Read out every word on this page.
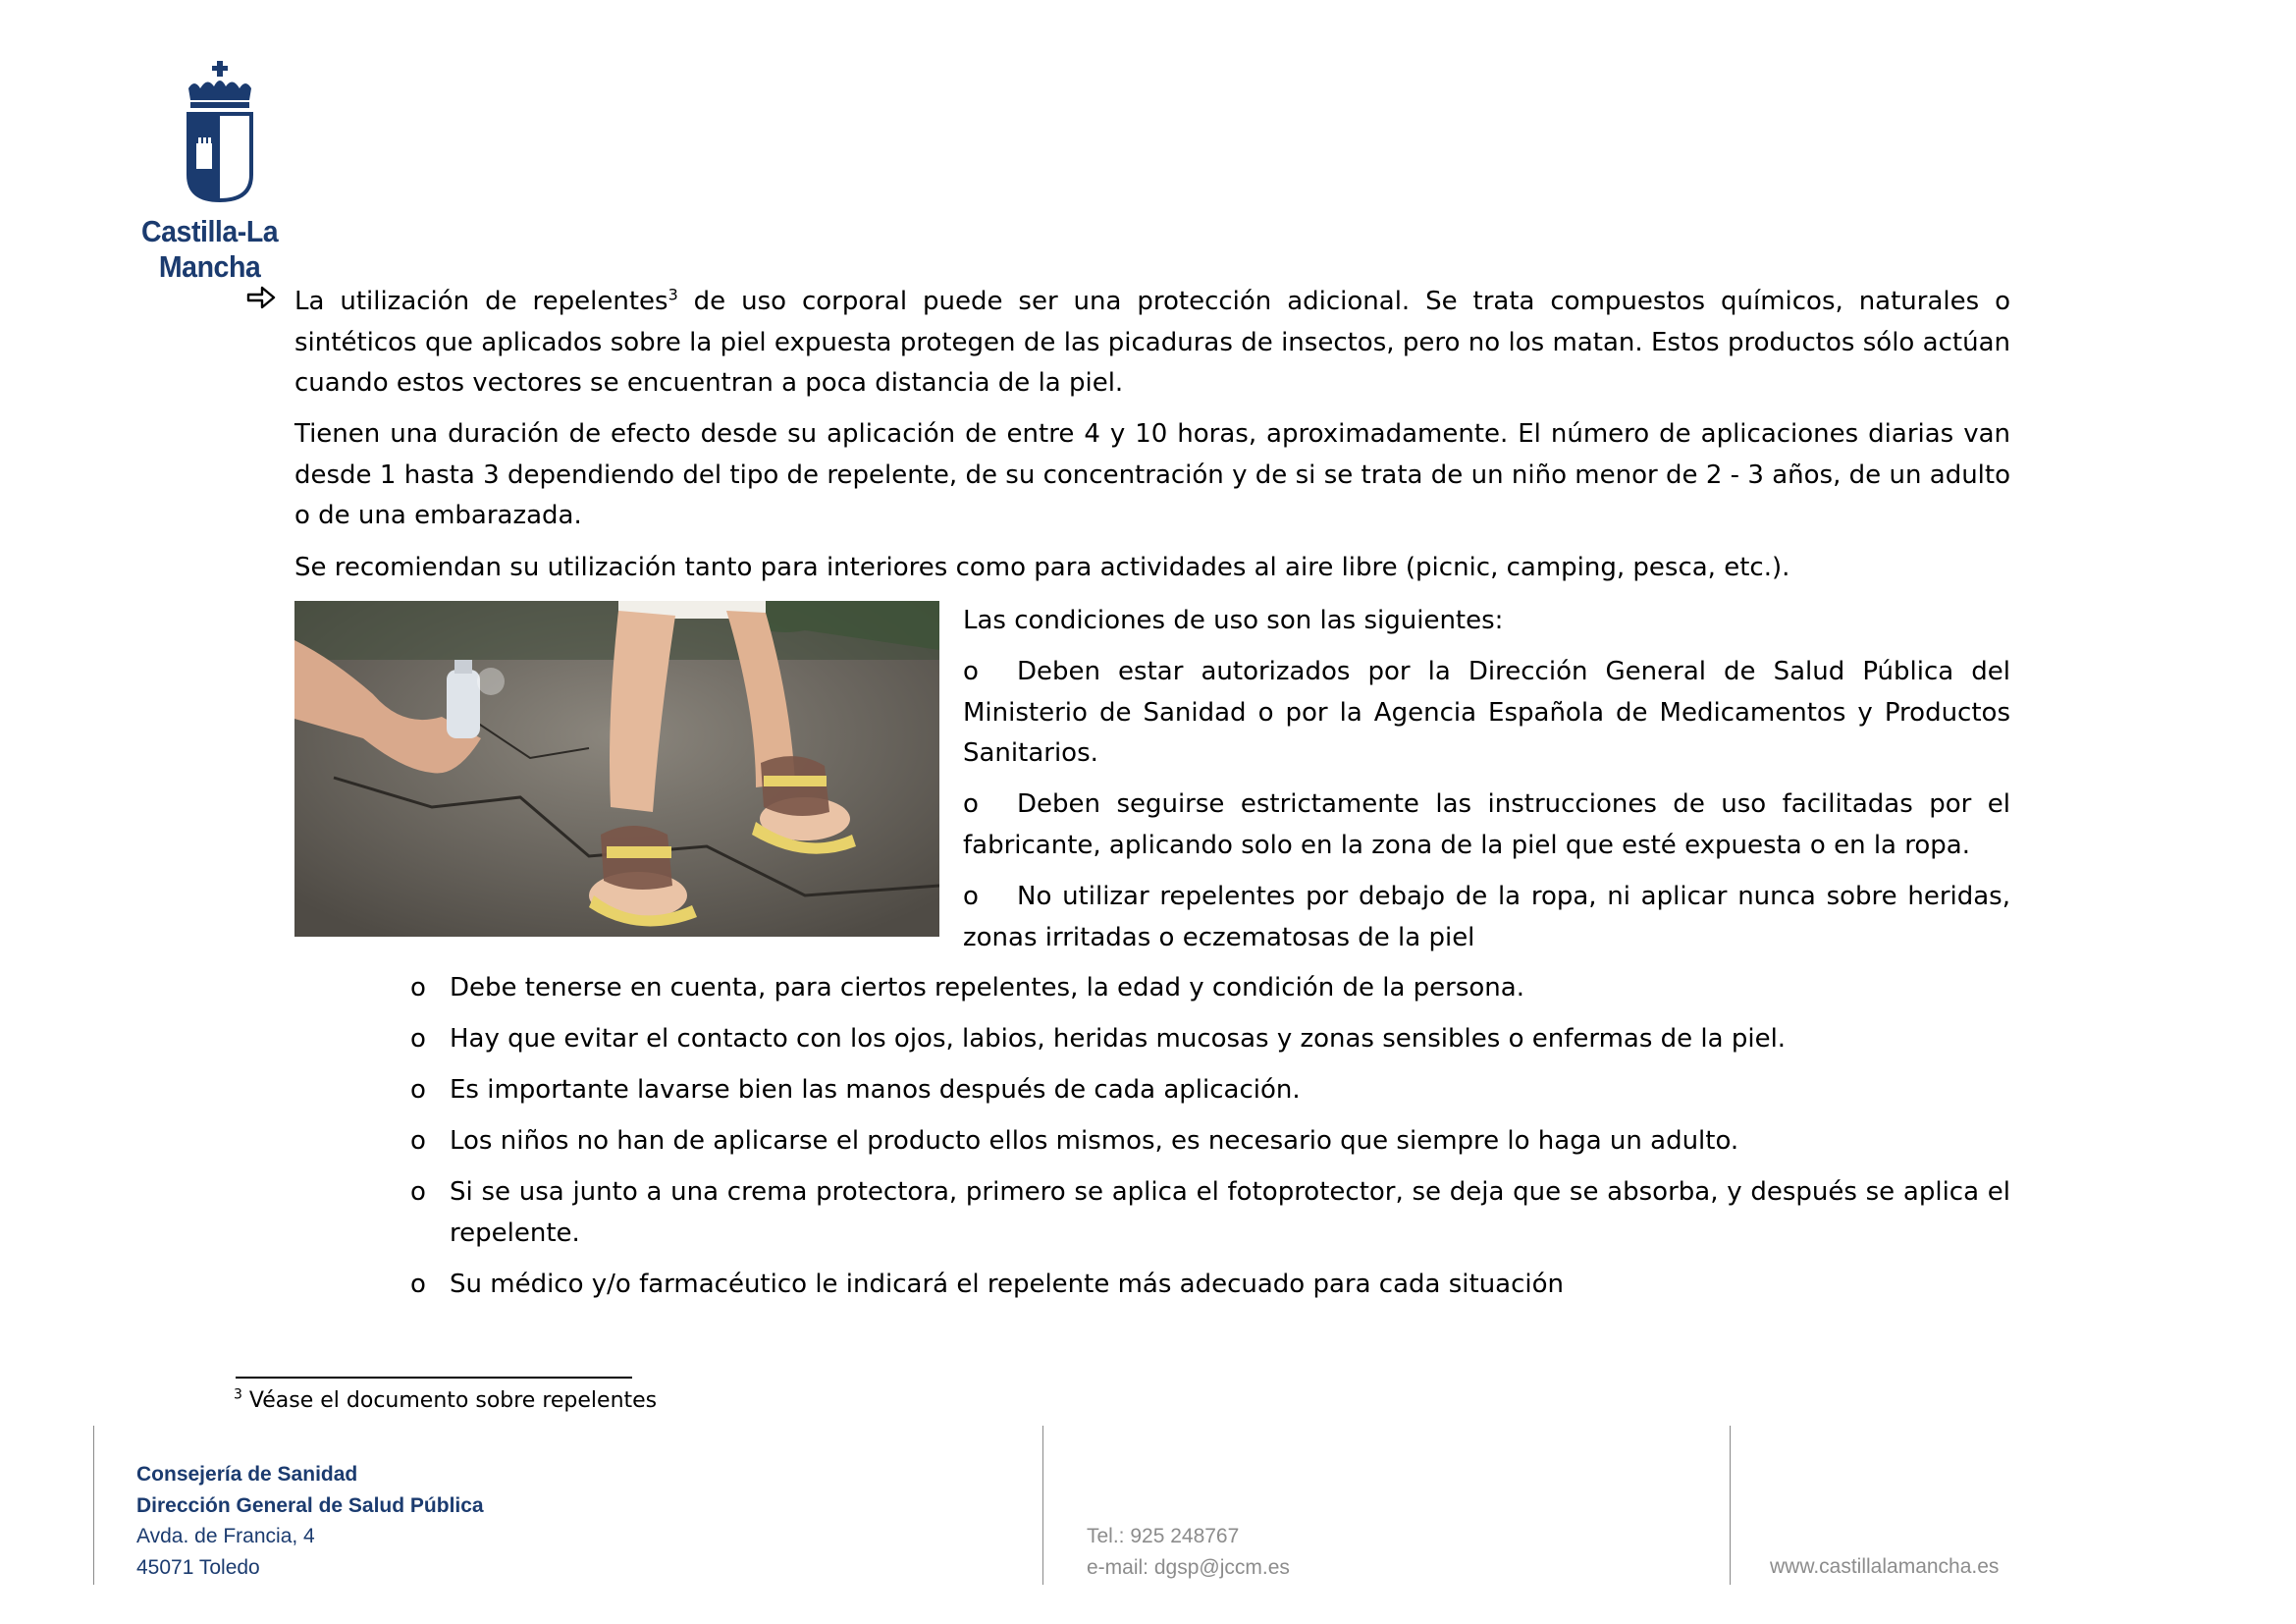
Castilla-La Mancha

La utilización de repelentes$^3$ de uso corporal puede ser una protección adicional. Se trata compuestos químicos, naturales o sintéticos que aplicados sobre la piel expuesta protegen de las picaduras de insectos, pero no los matan. Estos productos sólo actúan cuando estos vectores se encuentran a poca distancia de la piel.

Tienen una duración de efecto desde su aplicación de entre 4 y 10 horas, aproximadamente. El número de aplicaciones diarias van desde 1 hasta 3 dependiendo del tipo de repelente, de su concentración y de si se trata de un niño menor de 2 - 3 años, de un adulto o de una embarazada.

Se recomiendan su utilización tanto para interiores como para actividades al aire libre (picnic, camping, pesca, etc.).

Las condiciones de uso son las siguientes:

o Deben estar autorizados por la Dirección General de Salud Pública del Ministerio de Sanidad o por la Agencia Española de Medicamentos y Productos Sanitarios.

o Deben seguirse estrictamente las instrucciones de uso facilitadas por el fabricante, aplicando solo en la zona de la piel que esté expuesta o en la ropa.

o No utilizar repelentes por debajo de la ropa, ni aplicar nunca sobre heridas, zonas irritadas o eczematosas de la piel

o Debe tenerse en cuenta, para ciertos repelentes, la edad y condición de la persona.
o Hay que evitar el contacto con los ojos, labios, heridas mucosas y zonas sensibles o enfermas de la piel.
o Es importante lavarse bien las manos después de cada aplicación.
o Los niños no han de aplicarse el producto ellos mismos, es necesario que siempre lo haga un adulto.
o Si se usa junto a una crema protectora, primero se aplica el fotoprotector, se deja que se absorba, y después se aplica el repelente.
o Su médico y/o farmacéutico le indicará el repelente más adecuado para cada situación
$^3$ Véase el documento sobre repelentes
Consejería de Sanidad
Dirección General de Salud Pública
Avda. de Francia, 4
45071 Toledo
Tel.: 925 248767
e-mail: dgsp@jccm.es	www.castillalamancha.es
